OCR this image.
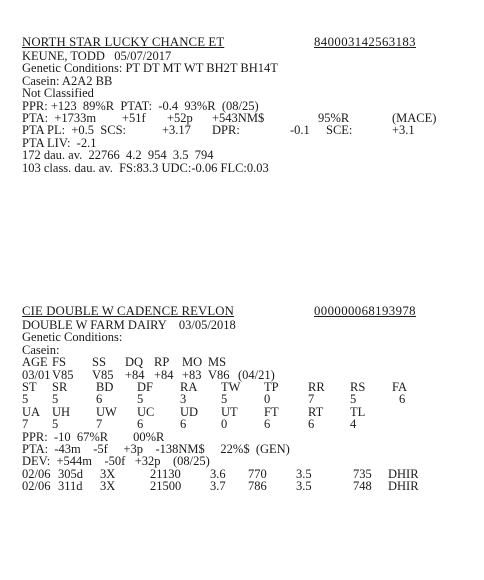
NORTH STAR LUCKY CHANCE ET	840003142563183
KEUNE, TODD   05/07/2017
Genetic Conditions: PT DT MT WT BH2T BH14T
Casein: A2A2 BB
Not Classified
PPR: +123  89%R  PTAT:  -0.4  93%R  (08/25)
PTA:  +1733m +51f +52p +543NM$	95%R	(MACE)
PTA PL:  +0.5  SCS:	+3.17 DPR:	-0.1 SCE:	+3.1
PTA LIV:  -2.1
172 dau. av.  22766  4.2  954  3.5  794
103 class. dau. av.  FS:83.3 UDC:-0.06 FLC:0.03
CIE DOUBLE W CADENCE REVLON	000000068193978
DOUBLE W FARM DAIRY    03/05/2018
Genetic Conditions:
Casein:
AGE FS SS DQ RP MO MS
03/01 V85 V85 +84 +84 +83 V86 (04/21)
ST SR BD DF RA TW TP RR RS FA
5 5	6	5	3	5	0	7	5	6
UA UH UW UC UD UT FT RT TL
7 5	7	6	6	0	6	6	4
PPR:  -10  67%R        00%R
PTA:  -43m    -5f     +3p    -138NM$     22%$  (GEN)
DEV:  +544m    -50f   +32p    (08/25)
02/06 305d 3X	21130 3.6 770 3.5	735 DHIR
02/06 311d 3X	21500 3.7 786 3.5	748 DHIR
